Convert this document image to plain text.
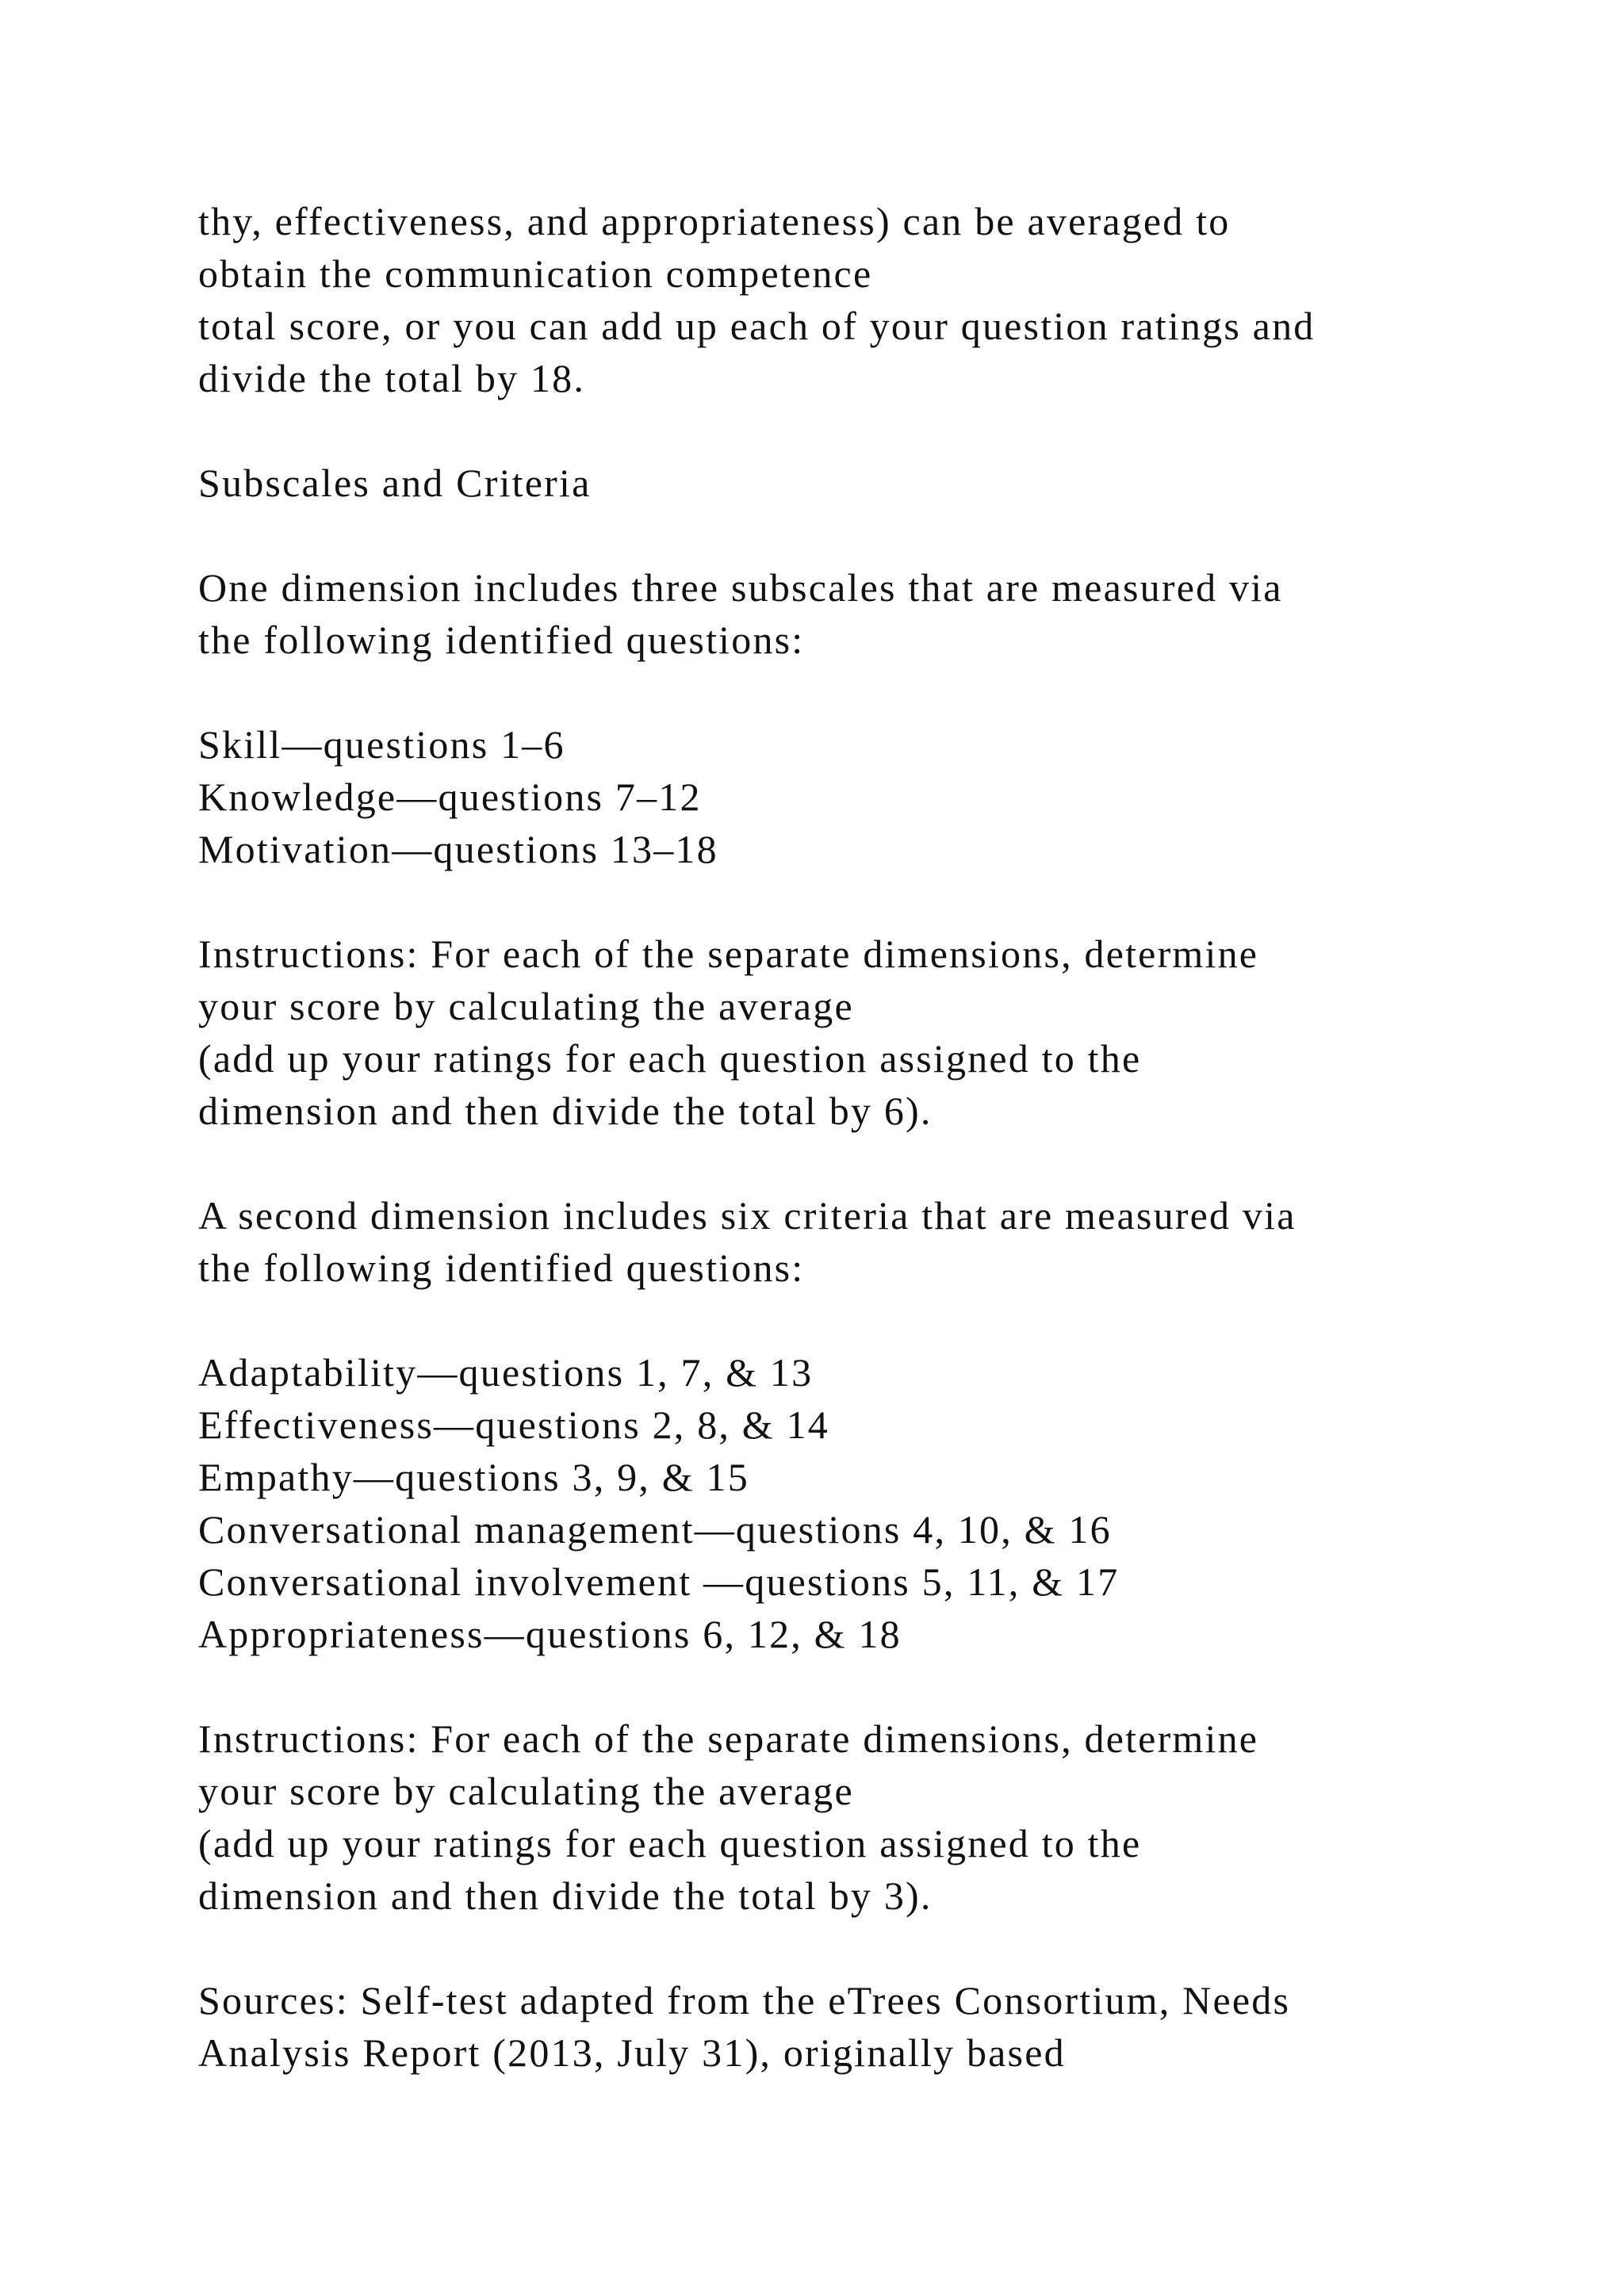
thy, effectiveness, and appropriateness) can be averaged to
obtain the communication competence
total score, or you can add up each of your question ratings and
divide the total by 18.
Subscales and Criteria
One dimension includes three subscales that are measured via
the following identified questions:
Skill—questions 1–6
Knowledge—questions 7–12
Motivation—questions 13–18
Instructions: For each of the separate dimensions, determine
your score by calculating the average
(add up your ratings for each question assigned to the
dimension and then divide the total by 6).
A second dimension includes six criteria that are measured via
the following identified questions:
Adaptability—questions 1, 7, & 13
Effectiveness—questions 2, 8, & 14
Empathy—questions 3, 9, & 15
Conversational management—questions 4, 10, & 16
Conversational involvement —questions 5, 11, & 17
Appropriateness—questions 6, 12, & 18
Instructions: For each of the separate dimensions, determine
your score by calculating the average
(add up your ratings for each question assigned to the
dimension and then divide the total by 3).
Sources: Self-test adapted from the eTrees Consortium, Needs
Analysis Report (2013, July 31), originally based
